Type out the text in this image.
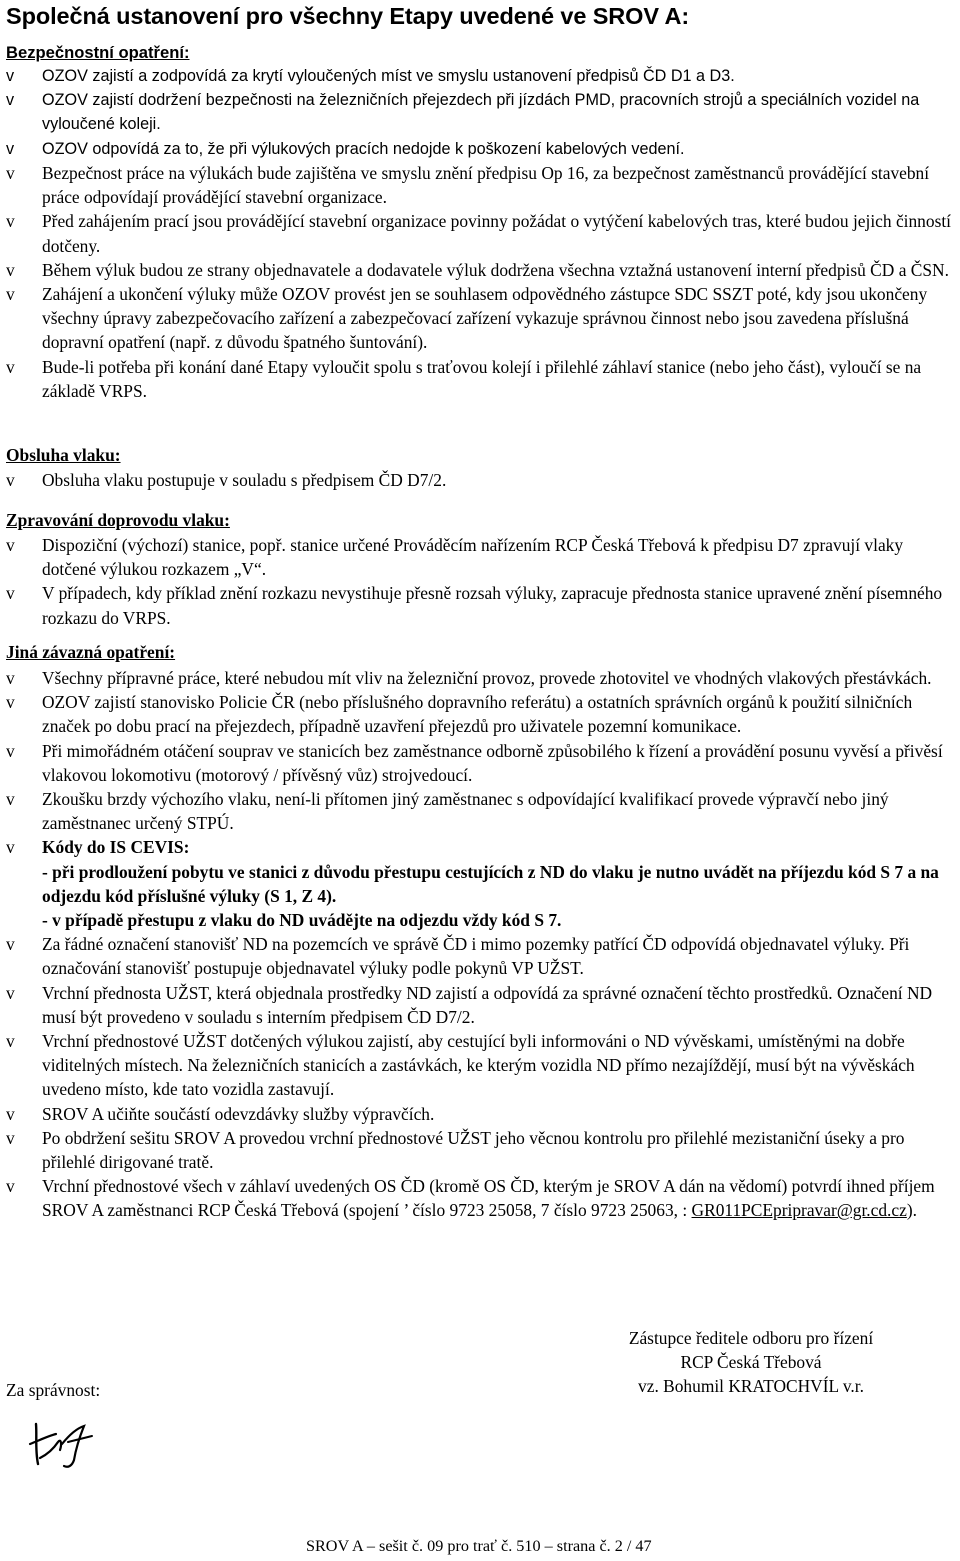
Společná ustanovení pro všechny Etapy uvedené ve SROV A:
Bezpečnostní opatření:
v	OZOV zajistí a zodpovídá za krytí vyloučených míst ve smyslu ustanovení předpisů ČD D1 a D3.
v	OZOV zajistí dodržení bezpečnosti na železničních přejezdech při jízdách PMD, pracovních strojů a speciálních vozidel na vyloučené koleji.
v	OZOV odpovídá za to, že při výlukových pracích nedojde k poškození kabelových vedení.
v	Bezpečnost práce na výlukách bude zajištěna ve smyslu znění předpisu Op 16, za bezpečnost zaměstnanců provádějící stavební práce odpovídají provádějící stavební organizace.
v	Před zahájením prací jsou provádějící stavební organizace povinny požádat o vytýčení kabelových tras, které budou jejich činností dotčeny.
v	Během výluk budou ze strany objednavatele a dodavatele výluk dodržena všechna vztažná ustanovení interní předpisů ČD a ČSN.
v	Zahájení a ukončení výluky může OZOV provést jen se souhlasem odpovědného zástupce SDC SSZT poté, kdy jsou ukončeny všechny úpravy zabezpečovacího zařízení a zabezpečovací zařízení vykazuje správnou činnost nebo jsou zavedena příslušná dopravní opatření (např. z důvodu špatného šuntování).
v	Bude-li potřeba při konání dané Etapy vyloučit spolu s traťovou kolejí i přilehlé záhlaví stanice (nebo jeho část), vyloučí se na základě VRPS.
Obsluha vlaku:
v	Obsluha vlaku postupuje v souladu s předpisem ČD D7/2.
Zpravování doprovodu vlaku:
v	Dispoziční (výchozí) stanice, popř. stanice určené Prováděcím nařízením RCP Česká Třebová k předpisu D7 zpravují vlaky dotčené výlukou rozkazem „V“.
v	V případech, kdy příklad znění rozkazu nevystihuje přesně rozsah výluky, zapracuje přednosta stanice upravené znění písemného rozkazu do VRPS.
Jiná závazná opatření:
v	Všechny přípravné práce, které nebudou mít vliv na železniční provoz, provede zhotovitel ve vhodných vlakových přestávkách.
v	OZOV zajistí stanovisko Policie ČR (nebo příslušného dopravního referátu) a ostatních správních orgánů k použití silničních značek po dobu prací na přejezdech, případně uzavření přejezdů pro uživatele pozemní komunikace.
v	Při mimořádném otáčení souprav ve stanicích bez zaměstnance odborně způsobilého k řízení a provádění posunu vyvěsí a přivěsí vlakovou lokomotivu (motorový / přívěsný vůz) strojvedoucí.
v	Zkoušku brzdy výchozího vlaku, není-li přítomen jiný zaměstnanec s odpovídající kvalifikací provede výpravčí nebo jiný zaměstnanec určený STPÚ.
v	Kódy do IS CEVIS:
- při prodloužení pobytu ve stanici z důvodu přestupu cestujících z ND do vlaku je nutno uvádět na příjezdu kód S 7 a na odjezdu kód příslušné výluky (S 1, Z 4).
- v případě přestupu z vlaku do ND uvádějte na odjezdu vždy kód S 7.
v	Za řádné označení stanovišť ND na pozemcích ve správě ČD i mimo pozemky patřící ČD odpovídá objednavatel výluky. Při označování stanovišť postupuje objednavatel výluky podle pokynů VP UŽST.
v	Vrchní přednosta UŽST, která objednala prostředky ND zajistí a odpovídá za správné označení těchto prostředků. Označení ND musí být provedeno v souladu s interním předpisem ČD D7/2.
v	Vrchní přednostové UŽST dotčených výlukou zajistí, aby cestující byli informováni o ND vývěskami, umístěnými na dobře viditelných místech. Na železničních stanicích a zastávkách, ke kterým vozidla ND přímo nezajíždějí, musí být na vývěskách uvedeno místo, kde tato vozidla zastavují.
v	SROV A učiňte součástí odevzdávky služby výpravčích.
v	Po obdržení sešitu SROV A provedou vrchní přednostové UŽST jeho věcnou kontrolu pro přilehlé mezistaniční úseky a pro přilehlé dirigované tratě.
v	Vrchní přednostové všech v záhlaví uvedených OS ČD (kromě OS ČD, kterým je SROV A dán na vědomí) potvrdí ihned příjem SROV A zaměstnanci RCP Česká Třebová (spojení ’ číslo 9723 25058, 7 číslo 9723 25063, : GR011PCEpripravar@gr.cd.cz).
Zástupce ředitele odboru pro řízení
RCP Česká Třebová
vz. Bohumil KRATOCHVÍL v.r.
Za správnost:
SROV A – sešit č. 09 pro trať č. 510 – strana č. 2 / 47
